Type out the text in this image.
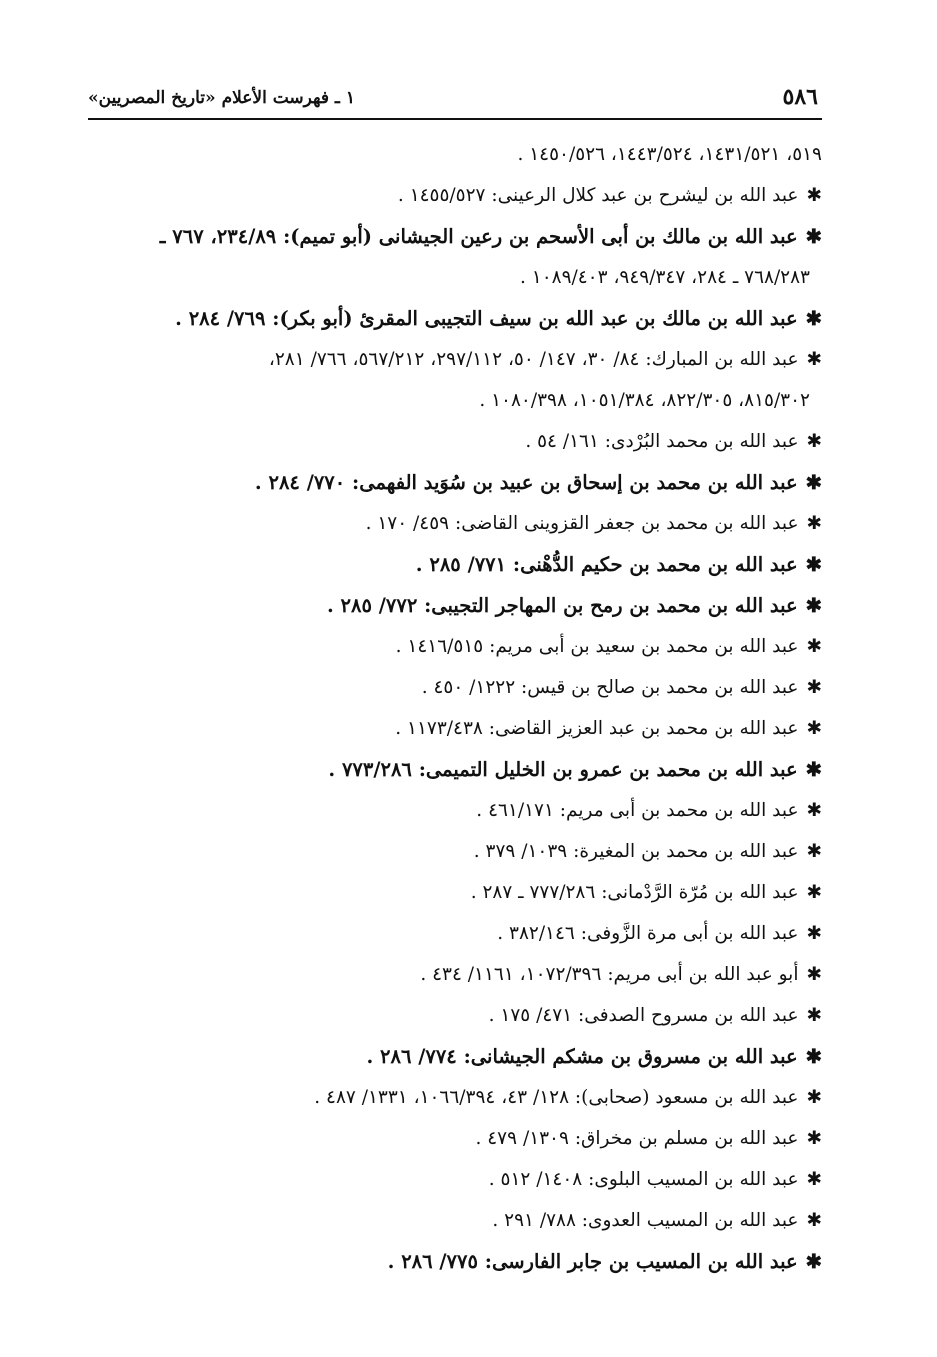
٥٨٦
١ ـ فهرست الأعلام «تاريخ المصريين»
٥١٩، ١٤٣١/٥٢١، ١٤٤٣/٥٢٤، ١٤٥٠/٥٢٦ .
✱عبد الله بن ليشرح بن عبد كلال الرعينى: ١٤٥٥/٥٢٧ .
✱عبد الله بن مالك بن أبى الأسحم بن رعين الجيشانى (أبو تميم): ٢٣٤/٨٩، ٧٦٧ ـ
٧٦٨/٢٨٣ ـ ٢٨٤، ٩٤٩/٣٤٧، ١٠٨٩/٤٠٣ .
✱عبد الله بن مالك بن عبد الله بن سيف التجيبى المقرئ (أبو بكر): ٧٦٩/ ٢٨٤ .
✱عبد الله بن المبارك: ٨٤/ ٣٠، ١٤٧/ ٥٠، ٢٩٧/١١٢، ٥٦٧/٢١٢، ٧٦٦/ ٢٨١،
٨١٥/٣٠٢، ٨٢٢/٣٠٥، ١٠٥١/٣٨٤، ١٠٨٠/٣٩٨ .
✱عبد الله بن محمد البُرْدى: ١٦١/ ٥٤ .
✱عبد الله بن محمد بن إسحاق بن عبيد بن سُوَيد الفهمى: ٧٧٠/ ٢٨٤ .
✱عبد الله بن محمد بن جعفر القزوينى القاضى: ٤٥٩/ ١٧٠ .
✱عبد الله بن محمد بن حكيم الدُّهْنى: ٧٧١/ ٢٨٥ .
✱عبد الله بن محمد بن رمح بن المهاجر التجيبى: ٧٧٢/ ٢٨٥ .
✱عبد الله بن محمد بن سعيد بن أبى مريم: ١٤١٦/٥١٥ .
✱عبد الله بن محمد بن صالح بن قيس: ١٢٢٢/ ٤٥٠ .
✱عبد الله بن محمد بن عبد العزيز القاضى: ١١٧٣/٤٣٨ .
✱عبد الله بن محمد بن عمرو بن الخليل التميمى: ٧٧٣/٢٨٦ .
✱عبد الله بن محمد بن أبى مريم: ٤٦١/١٧١ .
✱عبد الله بن محمد بن المغيرة: ١٠٣٩/ ٣٧٩ .
✱عبد الله بن مُرّة الرَّدْمانى: ٧٧٧/٢٨٦ ـ ٢٨٧ .
✱عبد الله بن أبى مرة الزَّوفى: ٣٨٢/١٤٦ .
✱أبو عبد الله بن أبى مريم: ١٠٧٢/٣٩٦، ١١٦١/ ٤٣٤ .
✱عبد الله بن مسروح الصدفى: ٤٧١/ ١٧٥ .
✱عبد الله بن مسروق بن مشكم الجيشانى: ٧٧٤/ ٢٨٦ .
✱عبد الله بن مسعود (صحابى): ١٢٨/ ٤٣، ١٠٦٦/٣٩٤، ١٣٣١/ ٤٨٧ .
✱عبد الله بن مسلم بن مخراق: ١٣٠٩/ ٤٧٩ .
✱عبد الله بن المسيب البلوى: ١٤٠٨/ ٥١٢ .
✱عبد الله بن المسيب العدوى: ٧٨٨/ ٢٩١ .
✱عبد الله بن المسيب بن جابر الفارسى: ٧٧٥/ ٢٨٦ .
